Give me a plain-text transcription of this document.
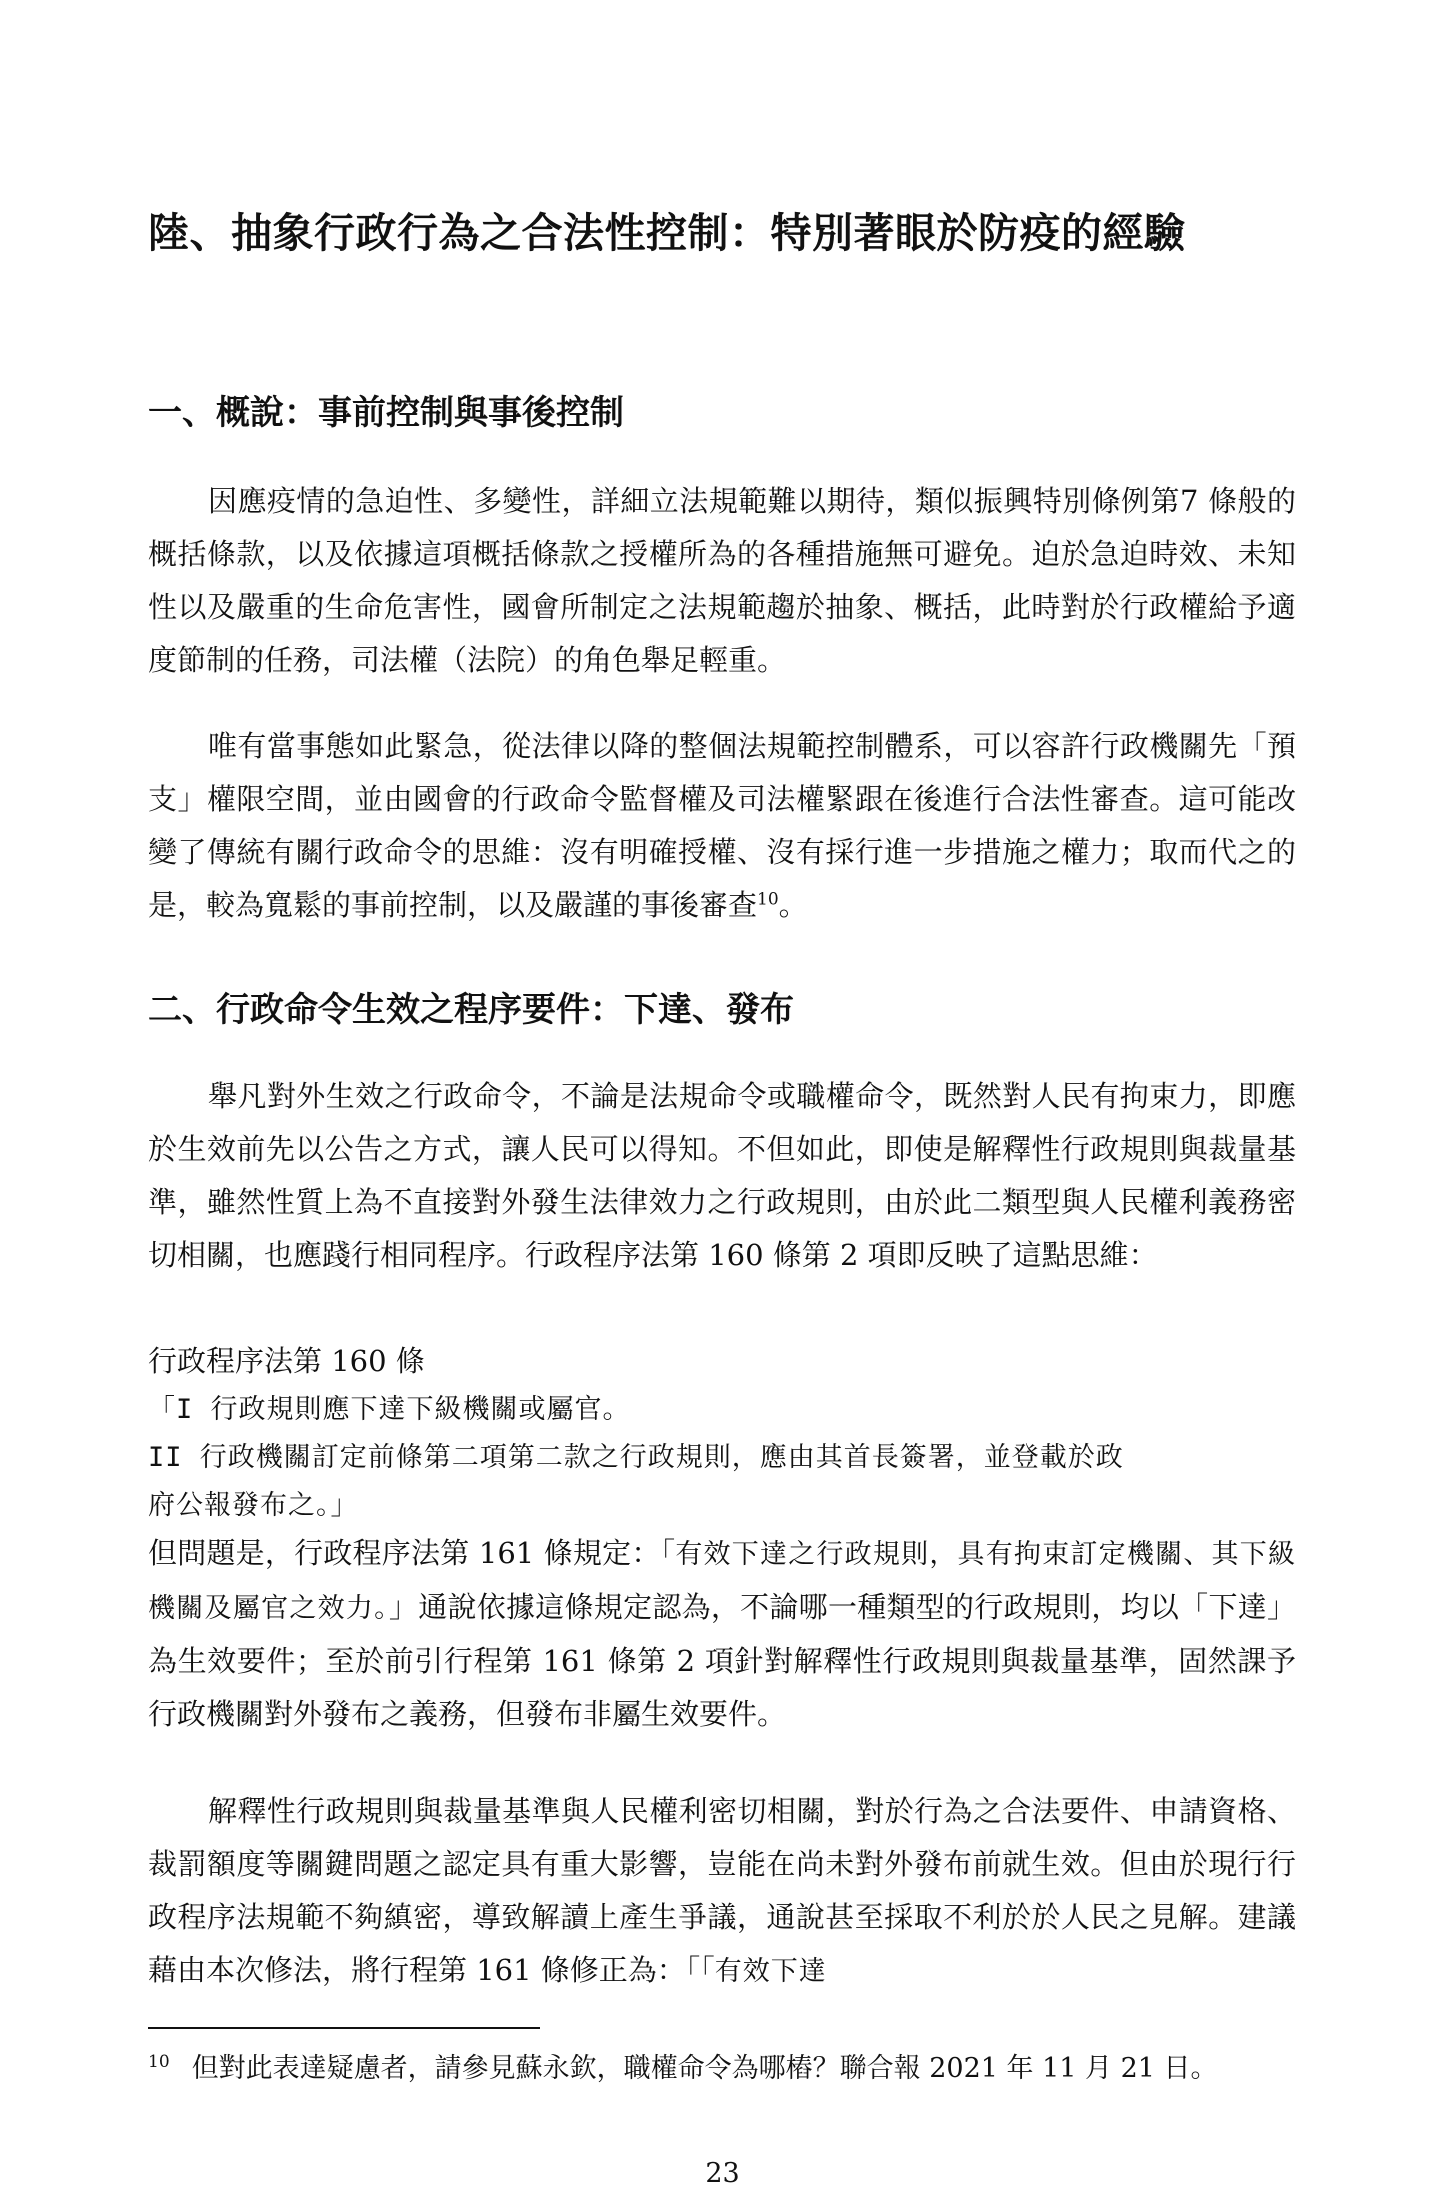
陸、抽象行政行為之合法性控制：特別著眼於防疫的經驗
一、概說：事前控制與事後控制

因應疫情的急迫性、多變性，詳細立法規範難以期待，類似振興特別條例第7 條般的概括條款，以及依據這項概括條款之授權所為的各種措施無可避免。迫於急迫時效、未知性以及嚴重的生命危害性，國會所制定之法規範趨於抽象、概括，此時對於行政權給予適度節制的任務，司法權（法院）的角色舉足輕重。

唯有當事態如此緊急，從法律以降的整個法規範控制體系，可以容許行政機關先「預支」權限空間，並由國會的行政命令監督權及司法權緊跟在後進行合法性審查。這可能改變了傳統有關行政命令的思維：沒有明確授權、沒有採行進一步措施之權力；取而代之的是，較為寬鬆的事前控制，以及嚴謹的事後審查$^{10}$。

二、行政命令生效之程序要件：下達、發布

舉凡對外生效之行政命令，不論是法規命令或職權命令，既然對人民有拘束力，即應於生效前先以公告之方式，讓人民可以得知。不但如此，即使是解釋性行政規則與裁量基準，雖然性質上為不直接對外發生法律效力之行政規則，由於此二類型與人民權利義務密切相關，也應踐行相同程序。行政程序法第 160 條第 2 項即反映了這點思維：

行政程序法第 160 條

「I 行政規則應下達下級機關或屬官。

II 行政機關訂定前條第二項第二款之行政規則，應由其首長簽署，並登載於政

府公報發布之。」

但問題是，行政程序法第 161 條規定：「有效下達之行政規則，具有拘束訂定機關、其下級機關及屬官之效力。」通說依據這條規定認為，不論哪一種類型的行政規則，均以「下達」為生效要件；至於前引行程第 161 條第 2 項針對解釋性行政規則與裁量基準，固然課予行政機關對外發布之義務，但發布非屬生效要件。

解釋性行政規則與裁量基準與人民權利密切相關，對於行為之合法要件、申請資格、裁罰額度等關鍵問題之認定具有重大影響，豈能在尚未對外發布前就生效。但由於現行行政程序法規範不夠縝密，導致解讀上產生爭議，通說甚至採取不利於於人民之見解。建議藉由本次修法，將行程第 161 條修正為：「「有效下達

$^{10}$ 但對此表達疑慮者，請參見蘇永欽，職權命令為哪樁？聯合報 2021 年 11 月 21 日。

23
